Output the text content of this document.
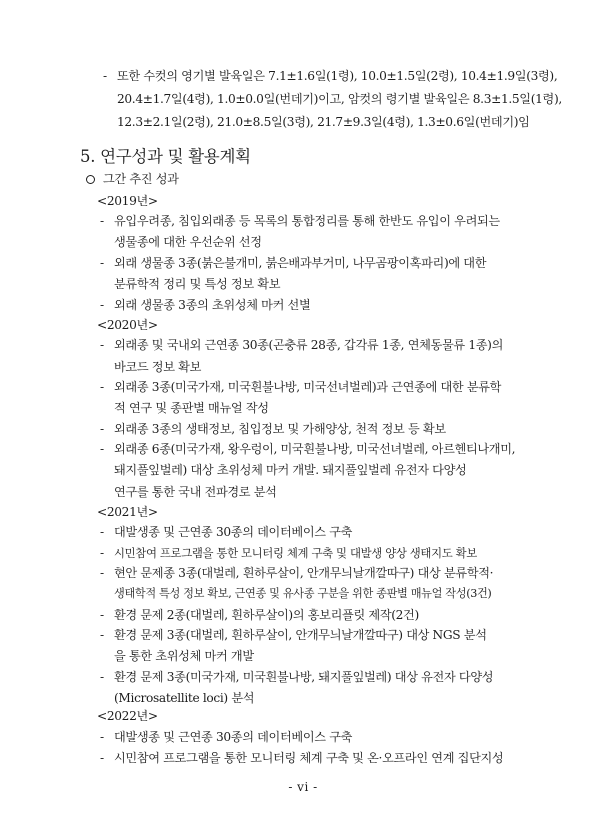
- 또한 수컷의 영기별 발육일은 7.1±1.6일(1령), 10.0±1.5일(2령), 10.4±1.9일(3령),
20.4±1.7일(4령), 1.0±0.0일(번데기)이고, 암컷의 령기별 발육일은 8.3±1.5일(1령),
12.3±2.1일(2령), 21.0±8.5일(3령), 21.7±9.3일(4령), 1.3±0.6일(번데기)임
5. 연구성과 및 활용계획
그간 추진 성과
<2019년>
- 유입우려종, 침입외래종 등 목록의 통합정리를 통해 한반도 유입이 우려되는
생물종에 대한 우선순위 선정
- 외래 생물종 3종(붉은불개미, 붉은배과부거미, 나무곰팡이혹파리)에 대한
분류학적 정리 및 특성 정보 확보
- 외래 생물종 3종의 초위성체 마커 선별
<2020년>
- 외래종 및 국내외 근연종 30종(곤충류 28종, 갑각류 1종, 연체동물류 1종)의
바코드 정보 확보
- 외래종 3종(미국가재, 미국흰불나방, 미국선녀벌레)과 근연종에 대한 분류학
적 연구 및 종판별 매뉴얼 작성
- 외래종 3종의 생태정보, 침입정보 및 가해양상, 천적 정보 등 확보
- 외래종 6종(미국가재, 왕우렁이, 미국흰불나방, 미국선녀벌레, 아르헨티나개미,
돼지풀잎벌레) 대상 초위성체 마커 개발. 돼지풀잎벌레 유전자 다양성
연구를 통한 국내 전파경로 분석
<2021년>
- 대발생종 및 근연종 30종의 데이터베이스 구축
- 시민참여 프로그램을 통한 모니터링 체계 구축 및 대발생 양상 생태지도 확보
- 현안 문제종 3종(대벌레, 흰하루살이, 안개무늬날개깔따구) 대상 분류학적·
생태학적 특성 정보 확보, 근연종 및 유사종 구분을 위한 종판별 매뉴얼 작성(3건)
- 환경 문제 2종(대벌레, 흰하루살이)의 홍보리플릿 제작(2건)
- 환경 문제 3종(대벌레, 흰하루살이, 안개무늬날개깔따구) 대상 NGS 분석
을 통한 초위성체 마커 개발
- 환경 문제 3종(미국가재, 미국흰불나방, 돼지풀잎벌레) 대상 유전자 다양성
(Microsatellite loci) 분석
<2022년>
- 대발생종 및 근연종 30종의 데이터베이스 구축
- 시민참여 프로그램을 통한 모니터링 체계 구축 및 온·오프라인 연계 집단지성
- vi -
